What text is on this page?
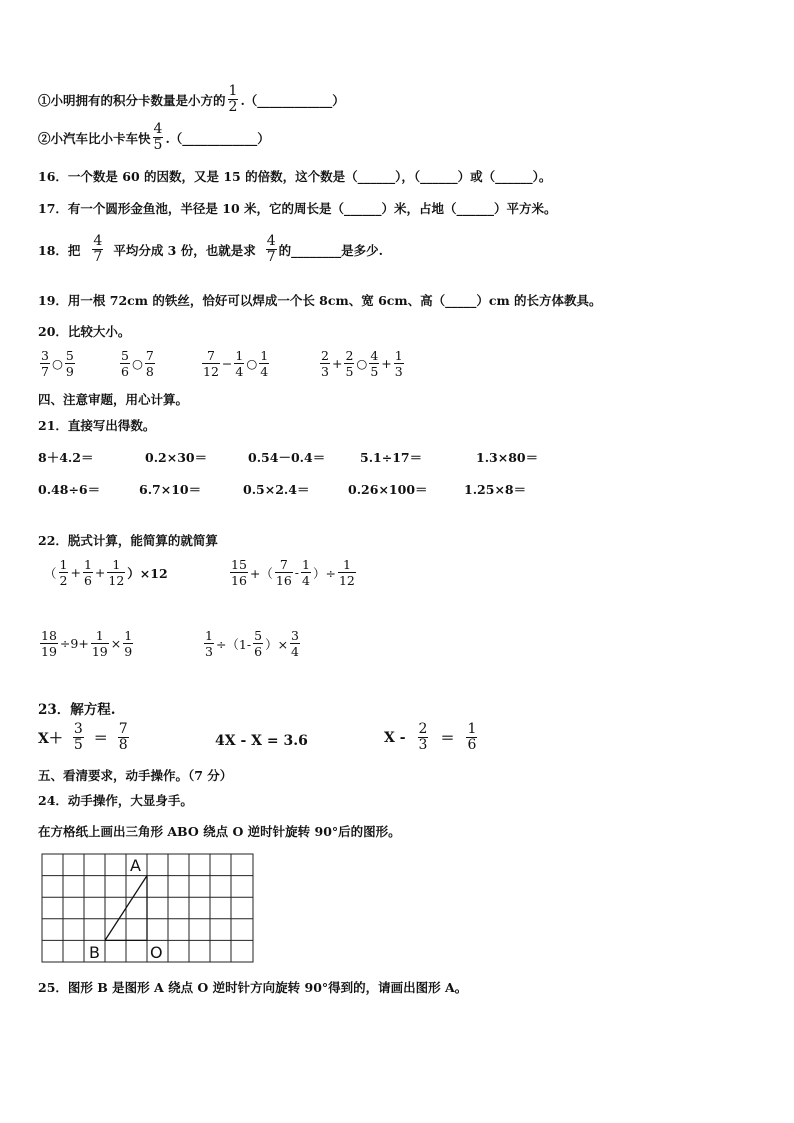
①小明拥有的积分卡数量是小方的 $\frac{1}{2}$ .（____________）
②小汽车比小卡车快 $\frac{4}{5}$ .（____________）
16．一个数是 60 的因数，又是 15 的倍数，这个数是（______），（______）或（______）。
17．有一个圆形金鱼池，半径是 10 米，它的周长是（______）米，占地（______）平方米。
18．把 $\frac{4}{7}$ 平均分成 3 份，也就是求 $\frac{4}{7}$ 的________是多少.
19．用一根 72cm 的铁丝，恰好可以焊成一个长 8cm、宽 6cm、高（_____）cm 的长方体教具。
20．比较大小。
$\frac{3}{7}$ ○ $\frac{5}{9}$	$\frac{5}{6}$ ○ $\frac{7}{8}$	$\frac{7}{12} - \frac{1}{4}$ ○ $\frac{1}{4}$	$\frac{2}{3} + \frac{2}{5}$ ○ $\frac{4}{5} + \frac{1}{3}$
四、注意审题，用心计算。
21．直接写出得数。
8＋4.2＝	0.2×30＝	0.54－0.4＝	5.1÷17＝	1.3×80＝
0.48÷6＝	6.7×10＝	0.5×2.4＝	0.26×100＝	1.25×8＝
22．脱式计算，能简算的就简算
（ $\frac{1}{2} + \frac{1}{6} + \frac{1}{12} )\times 12$	$\frac{15}{16}$ +（ $\frac{7}{16} - \frac{1}{4}$ ）÷ $\frac{1}{12}$
$\frac{18}{19} \div 9+ \frac{1}{19} \times \frac{1}{9}$	$\frac{1}{3} \div(1- \frac{5}{6}$ ）× $\frac{3}{4}$
23．解方程.
$X+ \frac{3}{5} = \frac{7}{8}$	4X - X = 3.6	$X - \frac{2}{3} = \frac{1}{6}$
五、看清要求，动手操作。（7 分）
24．动手操作，大显身手。
在方格纸上画出三角形 ABO 绕点 O 逆时针旋转 90°后的图形。
A
B	O
25．图形 B 是图形 A 绕点 O 逆时针方向旋转 90°得到的，请画出图形 A。
